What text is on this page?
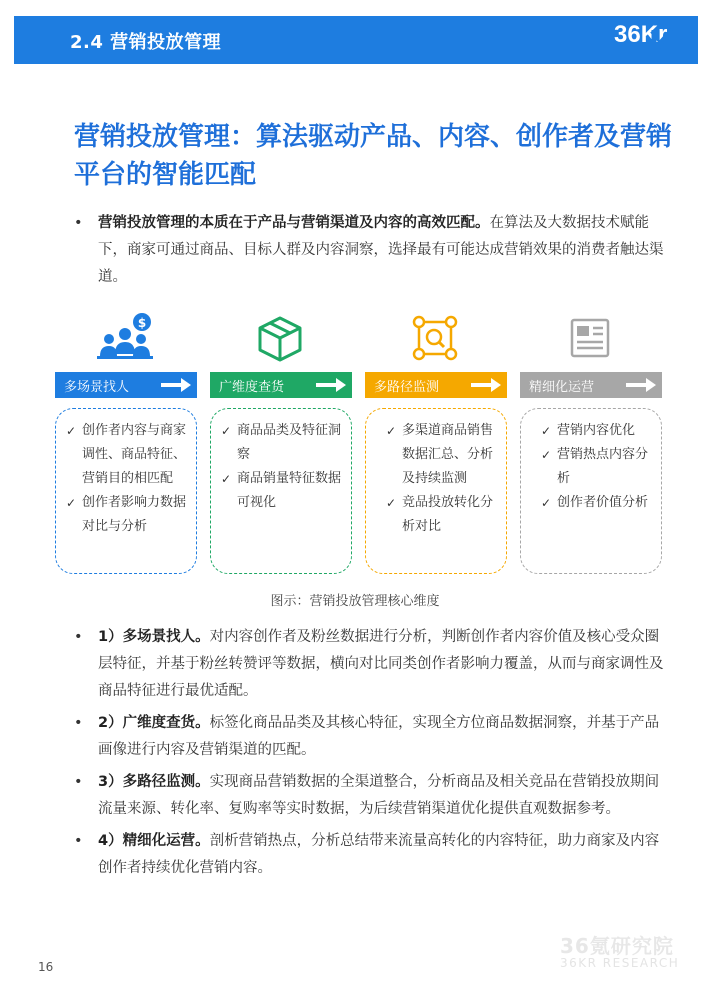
2.4 营销投放管理	36Kr
营销投放管理：算法驱动产品、内容、创作者及营销平台的智能匹配
• 营销投放管理的本质在于产品与营销渠道及内容的高效匹配。在算法及大数据技术赋能下，商家可通过商品、目标人群及内容洞察，选择最有可能达成营销效果的消费者触达渠道。
$
多场景找人
✓ 创作者内容与商家调性、商品特征、营销目的相匹配
✓ 创作者影响力数据对比与分析
广维度查货
✓ 商品品类及特征洞察
✓ 商品销量特征数据可视化
多路径监测
✓ 多渠道商品销售数据汇总、分析及持续监测
✓ 竞品投放转化分析对比
精细化运营
✓ 营销内容优化
✓ 营销热点内容分析
✓ 创作者价值分析
图示：营销投放管理核心维度
• 1）多场景找人。对内容创作者及粉丝数据进行分析，判断创作者内容价值及核心受众圈层特征，并基于粉丝转赞评等数据，横向对比同类创作者影响力覆盖，从而与商家调性及商品特征进行最优适配。
• 2）广维度查货。标签化商品品类及其核心特征，实现全方位商品数据洞察，并基于产品画像进行内容及营销渠道的匹配。
• 3）多路径监测。实现商品营销数据的全渠道整合，分析商品及相关竞品在营销投放期间流量来源、转化率、复购率等实时数据，为后续营销渠道优化提供直观数据参考。
• 4）精细化运营。剖析营销热点，分析总结带来流量高转化的内容特征，助力商家及内容创作者持续优化营销内容。
36氪研究院
36KR RESEARCH
16
